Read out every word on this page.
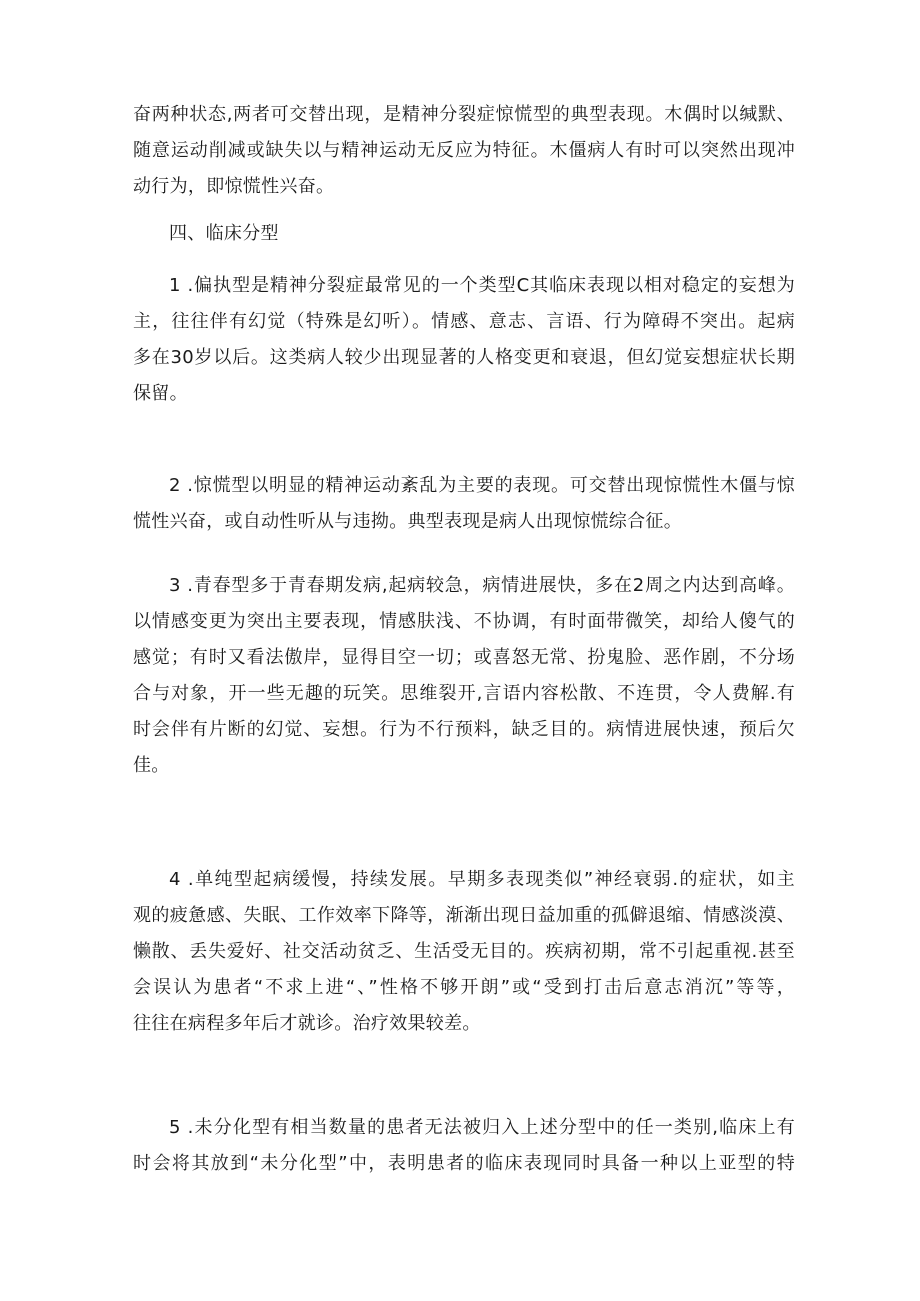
奋两种状态,两者可交替出现，是精神分裂症惊慌型的典型表现。木偶时以缄默、
随意运动削减或缺失以与精神运动无反应为特征。木僵病人有时可以突然出现冲
动行为，即惊慌性兴奋。
四、临床分型
1 .偏执型是精神分裂症最常见的一个类型C其临床表现以相对稳定的妄想为
主，往往伴有幻觉（特殊是幻听）。情感、意志、言语、行为障碍不突出。起病
多在30岁以后。这类病人较少出现显著的人格变更和衰退，但幻觉妄想症状长期
保留。
2 .惊慌型以明显的精神运动紊乱为主要的表现。可交替出现惊慌性木僵与惊
慌性兴奋，或自动性听从与违拗。典型表现是病人出现惊慌综合征。
3 .青春型多于青春期发病,起病较急，病情进展快，多在2周之内达到高峰。
以情感变更为突出主要表现，情感肤浅、不协调，有时面带微笑，却给人傻气的
感觉；有时又看法傲岸，显得目空一切；或喜怒无常、扮鬼脸、恶作剧，不分场
合与对象，开一些无趣的玩笑。思维裂开,言语内容松散、不连贯，令人费解.有
时会伴有片断的幻觉、妄想。行为不行预料，缺乏目的。病情进展快速，预后欠
佳。
4 .单纯型起病缓慢，持续发展。早期多表现类似”神经衰弱.的症状，如主
观的疲惫感、失眠、工作效率下降等，渐渐出现日益加重的孤僻退缩、情感淡漠、
懒散、丢失爱好、社交活动贫乏、生活受无目的。疾病初期，常不引起重视.甚至
会误认为患者“不求上进“、”性格不够开朗”或“受到打击后意志消沉”等等，
往往在病程多年后才就诊。治疗效果较差。
5 .未分化型有相当数量的患者无法被归入上述分型中的任一类别,临床上有
时会将其放到“未分化型”中，表明患者的临床表现同时具备一种以上亚型的特
